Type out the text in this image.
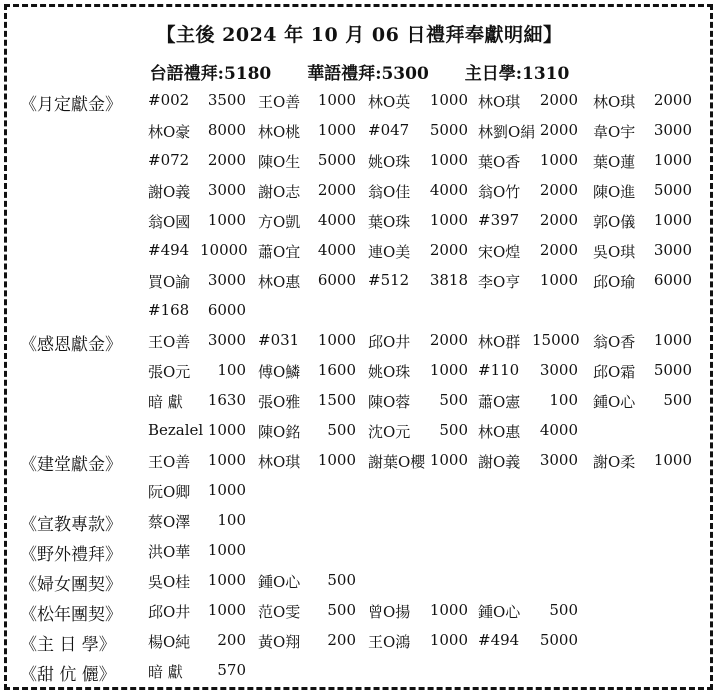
【主後 2024 年 10 月 06 日禮拜奉獻明細】
台語禮拜:5180 華語禮拜:5300 主日學:1310
《月定獻金》 #002	3500 王O善	1000 林O英	1000 林O琪	2000 林O琪	2000
林O豪	8000 林O桃	1000 #047	5000 林劉O絹 2000 韋O宇	3000
#072	2000 陳O生	5000 姚O珠	1000 葉O香	1000 葉O蓮	1000
謝O義	3000 謝O志	2000 翁O佳	4000 翁O竹	2000 陳O進	5000
翁O國	1000 方O凱	4000 葉O珠	1000 #397	2000 郭O儀	1000
#494 10000 蕭O宜	4000 連O美	2000 宋O煌	2000 吳O琪	3000
買O諭	3000 林O惠	6000 #512	3818 李O亨	1000 邱O瑜	6000
#168	6000
《感恩獻金》 王O善	3000 #031	1000 邱O井	2000 林O群 15000 翁O香	1000
張O元	100 傅O鱗	1600 姚O珠	1000 #110	3000 邱O霜	5000
暗 獻	1630 張O雅	1500 陳O蓉	500 蕭O憲	100 鍾O心	500
Bezalel 1000 陳O銘	500 沈O元	500 林O惠	4000
《建堂獻金》 王O善	1000 林O琪	1000 謝葉O櫻 1000 謝O義	3000 謝O柔	1000
阮O卿	1000
《宣教專款》 蔡O澤	100
《野外禮拜》 洪O華	1000
《婦女團契》 吳O桂	1000 鍾O心	500
《松年團契》 邱O井	1000 范O雯	500 曾O揚	1000 鍾O心	500
《主 日 學》 楊O純	200 黃O翔	200 王O鴻	1000 #494	5000
《甜 伉 儷》 暗 獻	570
